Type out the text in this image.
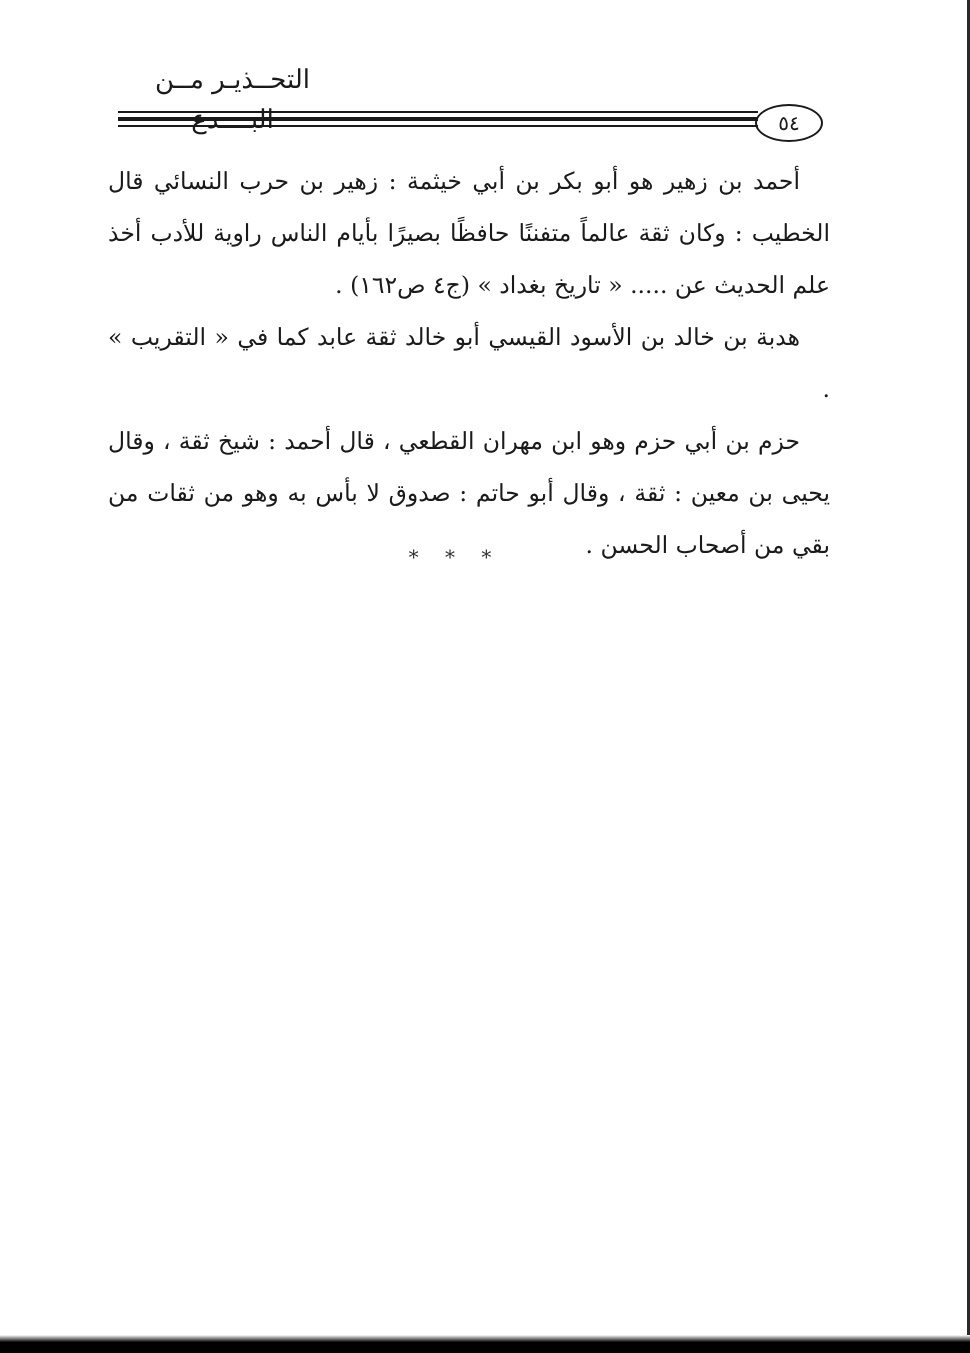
التحــذيـر مــن
٥٤

أحمد بن زهير هو أبو بكر بن أبي خيثمة : زهير بن حرب النسائي قال الخطيب : وكان ثقة عالماً متفننًا حافظًا بصيرًا بأيام الناس راوية للأدب أخذ علم الحديث عن ..... « تاريخ بغداد » (ج٤ ص١٦٢) .

هدبة بن خالد بن الأسود القيسي أبو خالد ثقة عابد كما في « التقريب » .

حزم بن أبي حزم وهو ابن مهران القطعي ، قال أحمد : شيخ ثقة ، وقال يحيى بن معين : ثقة ، وقال أبو حاتم : صدوق لا بأس به وهو من ثقات من بقي من أصحاب الحسن .

* * *
